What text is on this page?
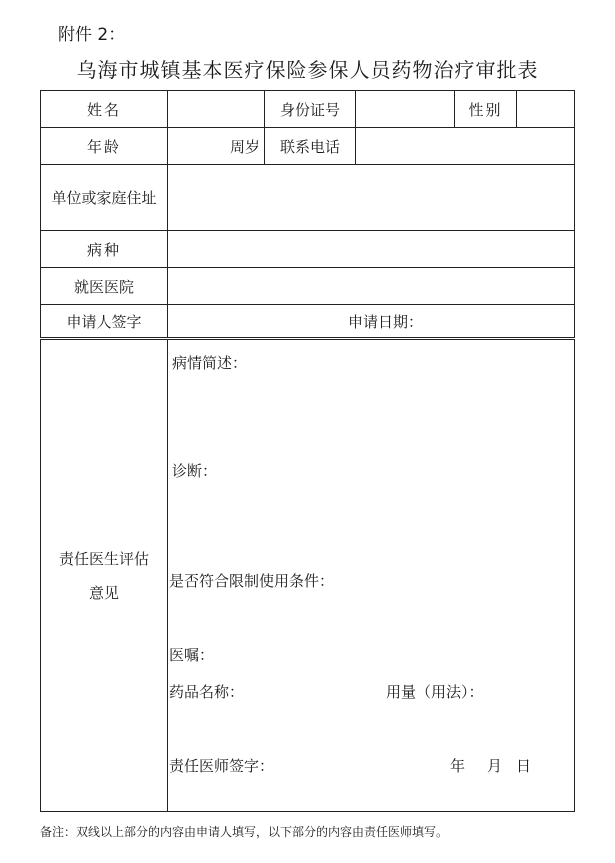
附件 2：
乌海市城镇基本医疗保险参保人员药物治疗审批表
姓名		身份证号		性别	
年龄	周岁	联系电话			
单位或家庭住址					
病种					
就医医院					
申请人签字	申请日期：				
责任医生评估意见					
病情简述：
诊断：
是否符合限制使用条件：
医嘱：
药品名称：	用量（用法）：
责任医师签字：	年 月 日
备注：双线以上部分的内容由申请人填写，以下部分的内容由责任医师填写。
